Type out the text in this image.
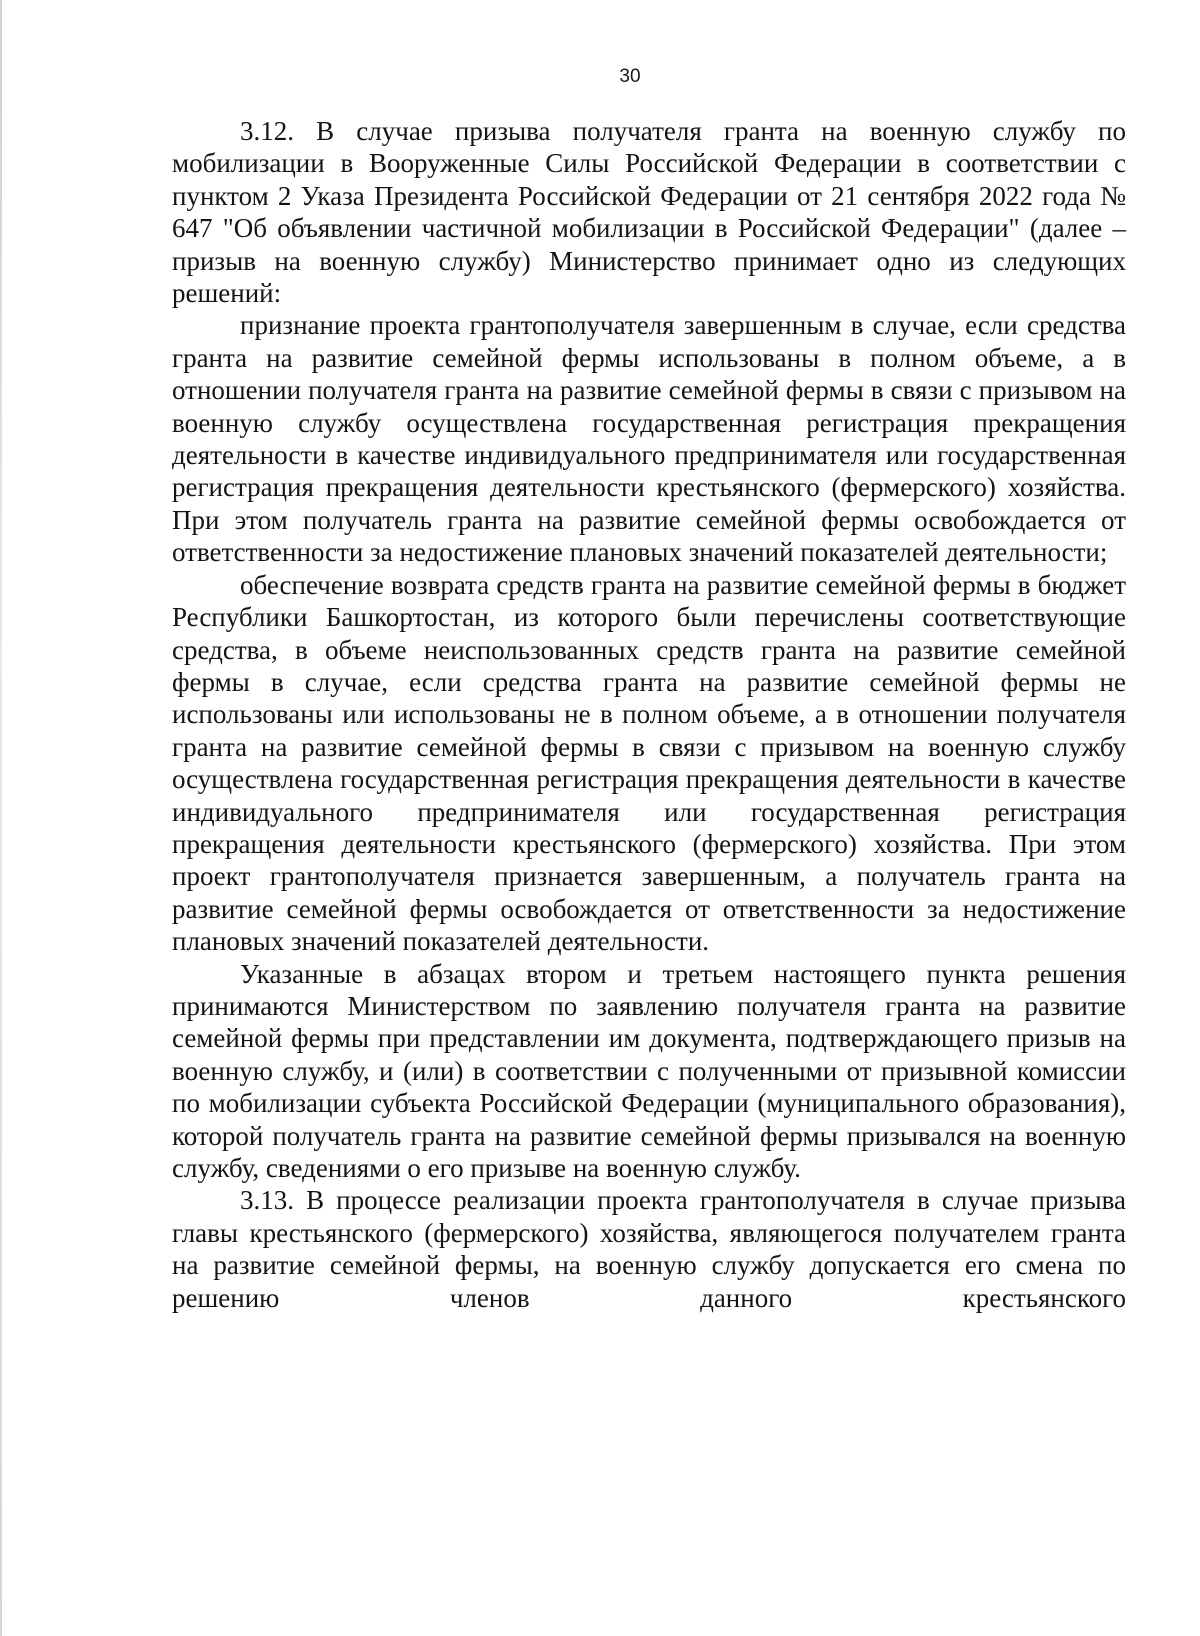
30

3.12. В случае призыва получателя гранта на военную службу по мобилизации в Вооруженные Силы Российской Федерации в соответствии с пунктом 2 Указа Президента Российской Федерации от 21 сентября 2022 года № 647 "Об объявлении частичной мобилизации в Российской Федерации" (далее – призыв на военную службу) Министерство принимает одно из следующих решений:

признание проекта грантополучателя завершенным в случае, если средства гранта на развитие семейной фермы использованы в полном объеме, а в отношении получателя гранта на развитие семейной фермы в связи с призывом на военную службу осуществлена государственная регистрация прекращения деятельности в качестве индивидуального предпринимателя или государственная регистрация прекращения деятельности крестьянского (фермерского) хозяйства. При этом получатель гранта на развитие семейной фермы освобождается от ответственности за недостижение плановых значений показателей деятельности;

обеспечение возврата средств гранта на развитие семейной фермы в бюджет Республики Башкортостан, из которого были перечислены соответствующие средства, в объеме неиспользованных средств гранта на развитие семейной фермы в случае, если средства гранта на развитие семейной фермы не использованы или использованы не в полном объеме, а в отношении получателя гранта на развитие семейной фермы в связи с призывом на военную службу осуществлена государственная регистрация прекращения деятельности в качестве индивидуального предпринимателя или государственная регистрация прекращения деятельности крестьянского (фермерского) хозяйства. При этом проект грантополучателя признается завершенным, а получатель гранта на развитие семейной фермы освобождается от ответственности за недостижение плановых значений показателей деятельности.

Указанные в абзацах втором и третьем настоящего пункта решения принимаются Министерством по заявлению получателя гранта на развитие семейной фермы при представлении им документа, подтверждающего призыв на военную службу, и (или) в соответствии с полученными от призывной комиссии по мобилизации субъекта Российской Федерации (муниципального образования), которой получатель гранта на развитие семейной фермы призывался на военную службу, сведениями о его призыве на военную службу.

3.13. В процессе реализации проекта грантополучателя в случае призыва главы крестьянского (фермерского) хозяйства, являющегося получателем гранта на развитие семейной фермы, на военную службу допускается его смена по решению членов данного крестьянского
